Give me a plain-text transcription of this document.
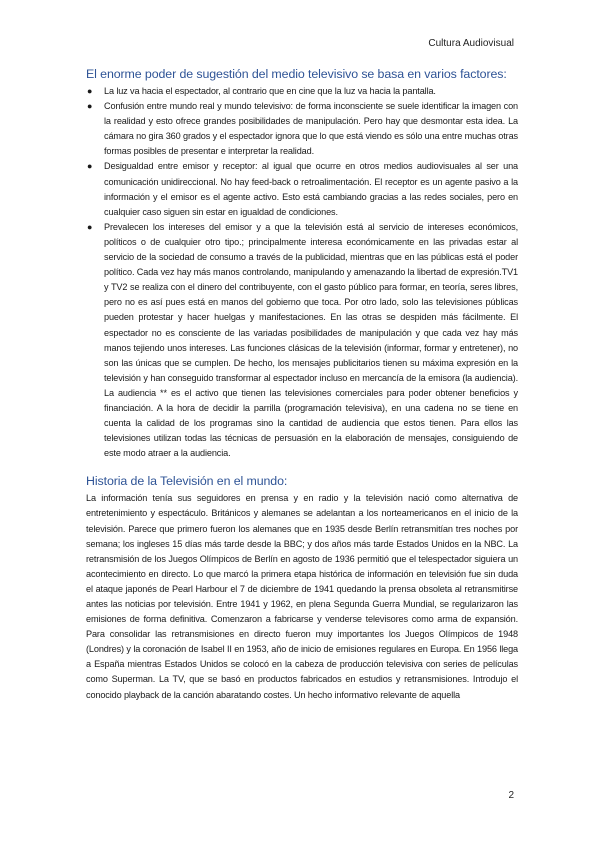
Cultura Audiovisual
El enorme poder de sugestión del medio televisivo se basa en varios factores:
● La luz va hacia el espectador, al contrario que en cine que la luz va hacia la pantalla.
● Confusión entre mundo real y mundo televisivo: de forma inconsciente se suele identificar la imagen con la realidad y esto ofrece grandes posibilidades de manipulación. Pero hay que desmontar esta idea. La cámara no gira 360 grados y el espectador ignora que lo que está viendo es sólo una entre muchas otras formas posibles de presentar e interpretar la realidad.
● Desigualdad entre emisor y receptor: al igual que ocurre en otros medios audiovisuales al ser una comunicación unidireccional. No hay feed-back o retroalimentación. El receptor es un agente pasivo a la información y el emisor es el agente activo. Esto está cambiando gracias a las redes sociales, pero en cualquier caso siguen sin estar en igualdad de condiciones.
● Prevalecen los intereses del emisor y a que la televisión está al servicio de intereses económicos, políticos o de cualquier otro tipo.; principalmente interesa económicamente en las privadas estar al servicio de la sociedad de consumo a través de la publicidad, mientras que en las públicas está el poder político. Cada vez hay más manos controlando, manipulando y amenazando la libertad de expresión.TV1 y TV2 se realiza con el dinero del contribuyente, con el gasto público para formar, en teoría, seres libres, pero no es así pues está en manos del gobierno que toca. Por otro lado, solo las televisiones públicas pueden protestar y hacer huelgas y manifestaciones. En las otras se despiden más fácilmente. El espectador no es consciente de las variadas posibilidades de manipulación y que cada vez hay más manos tejiendo unos intereses. Las funciones clásicas de la televisión (informar, formar y entretener), no son las únicas que se cumplen. De hecho, los mensajes publicitarios tienen su máxima expresión en la televisión y han conseguido transformar al espectador incluso en mercancía de la emisora (la audiencia). La audiencia ** es el activo que tienen las televisiones comerciales para poder obtener beneficios y financiación. A la hora de decidir la parrilla (programación televisiva), en una cadena no se tiene en cuenta la calidad de los programas sino la cantidad de audiencia que estos tienen. Para ellos las televisiones utilizan todas las técnicas de persuasión en la elaboración de mensajes, consiguiendo de este modo atraer a la audiencia.
Historia de la Televisión en el mundo:

La información tenía sus seguidores en prensa y en radio y la televisión nació como alternativa de entretenimiento y espectáculo. Británicos y alemanes se adelantan a los norteamericanos en el inicio de la televisión. Parece que primero fueron los alemanes que en 1935 desde Berlín retransmitían tres noches por semana; los ingleses 15 días más tarde desde la BBC; y dos años más tarde Estados Unidos en la NBC. La retransmisión de los Juegos Olímpicos de Berlín en agosto de 1936 permitió que el telespectador siguiera un acontecimiento en directo. Lo que marcó la primera etapa histórica de información en televisión fue sin duda el ataque japonés de Pearl Harbour el 7 de diciembre de 1941 quedando la prensa obsoleta al retransmitirse antes las noticias por televisión. Entre 1941 y 1962, en plena Segunda Guerra Mundial, se regularizaron las emisiones de forma definitiva. Comenzaron a fabricarse y venderse televisores como arma de expansión. Para consolidar las retransmisiones en directo fueron muy importantes los Juegos Olímpicos de 1948 (Londres) y la coronación de Isabel II en 1953, año de inicio de emisiones regulares en Europa. En 1956 llega a España mientras Estados Unidos se colocó en la cabeza de producción televisiva con series de películas como Superman. La TV, que se basó en productos fabricados en estudios y retransmisiones. Introdujo el conocido playback de la canción abaratando costes. Un hecho informativo relevante de aquella

2
